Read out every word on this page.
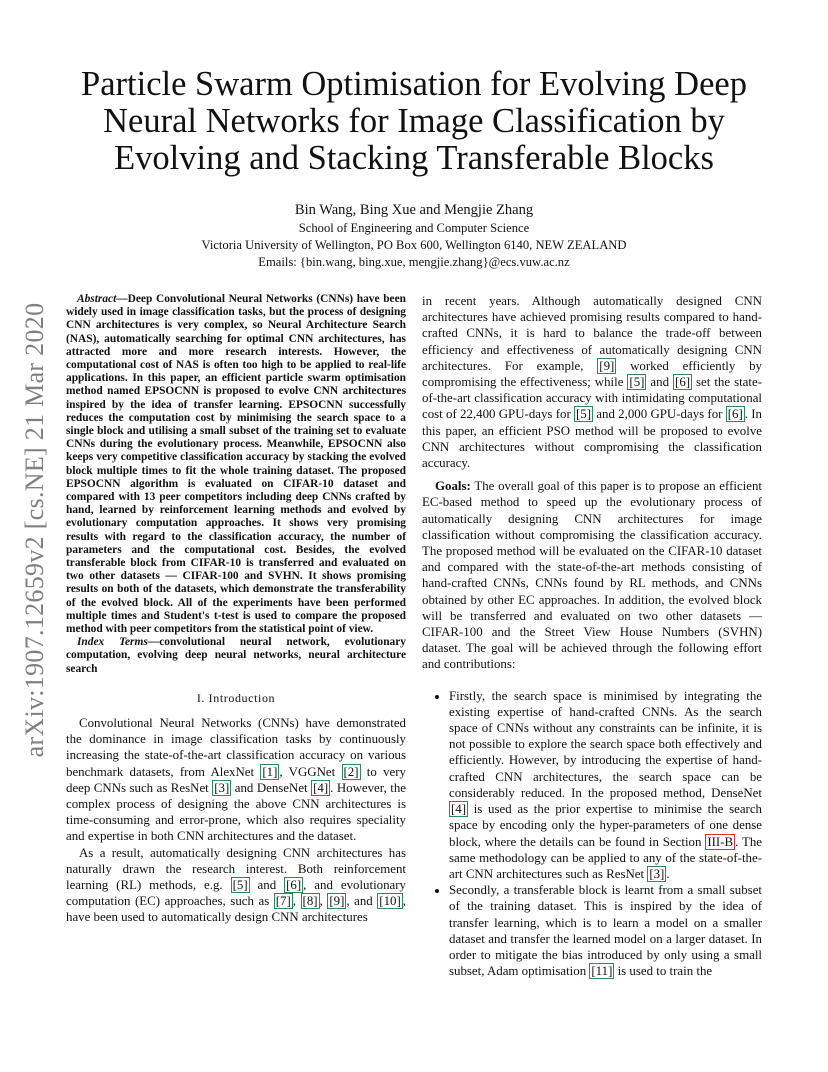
Particle Swarm Optimisation for Evolving Deep
Neural Networks for Image Classification by
Evolving and Stacking Transferable Blocks
Bin Wang, Bing Xue and Mengjie Zhang
School of Engineering and Computer Science
Victoria University of Wellington, PO Box 600, Wellington 6140, NEW ZEALAND
Emails: {bin.wang, bing.xue, mengjie.zhang}@ecs.vuw.ac.nz
arXiv:1907.12659v2 [cs.NE] 21 Mar 2020

Abstract—Deep Convolutional Neural Networks (CNNs) have been widely used in image classification tasks, but the process of designing CNN architectures is very complex, so Neural Architecture Search (NAS), automatically searching for optimal CNN architectures, has attracted more and more research interests. However, the computational cost of NAS is often too high to be applied to real-life applications. In this paper, an efficient particle swarm optimisation method named EPSOCNN is proposed to evolve CNN architectures inspired by the idea of transfer learning. EPSOCNN successfully reduces the computation cost by minimising the search space to a single block and utilising a small subset of the training set to evaluate CNNs during the evolutionary process. Meanwhile, EPSOCNN also keeps very competitive classification accuracy by stacking the evolved block multiple times to fit the whole training dataset. The proposed EPSOCNN algorithm is evaluated on CIFAR-10 dataset and compared with 13 peer competitors including deep CNNs crafted by hand, learned by reinforcement learning methods and evolved by evolutionary computation approaches. It shows very promising results with regard to the classification accuracy, the number of parameters and the computational cost. Besides, the evolved transferable block from CIFAR-10 is transferred and evaluated on two other datasets — CIFAR-100 and SVHN. It shows promising results on both of the datasets, which demonstrate the transferability of the evolved block. All of the experiments have been performed multiple times and Student's t-test is used to compare the proposed method with peer competitors from the statistical point of view.

Index Terms—convolutional neural network, evolutionary computation, evolving deep neural networks, neural architecture search

I. Introduction

Convolutional Neural Networks (CNNs) have demonstrated the dominance in image classification tasks by continuously increasing the state-of-the-art classification accuracy on various benchmark datasets, from AlexNet [1] , VGGNet [2] to very deep CNNs such as ResNet [3] and DenseNet [4] . However, the complex process of designing the above CNN architectures is time-consuming and error-prone, which also requires speciality and expertise in both CNN architectures and the dataset.

As a result, automatically designing CNN architectures has naturally drawn the research interest. Both reinforcement learning (RL) methods, e.g. [5] and [6] , and evolutionary computation (EC) approaches, such as [7] , [8] , [9] , and [10] , have been used to automatically design CNN architectures

in recent years. Although automatically designed CNN architectures have achieved promising results compared to hand-crafted CNNs, it is hard to balance the trade-off between efficiency and effectiveness of automatically designing CNN architectures. For example, [9] worked efficiently by compromising the effectiveness; while [5] and [6] set the state-of-the-art classification accuracy with intimidating computational cost of 22,400 GPU-days for [5] and 2,000 GPU-days for [6] . In this paper, an efficient PSO method will be proposed to evolve CNN architectures without compromising the classification accuracy.

Goals: The overall goal of this paper is to propose an efficient EC-based method to speed up the evolutionary process of automatically designing CNN architectures for image classification without compromising the classification accuracy. The proposed method will be evaluated on the CIFAR-10 dataset and compared with the state-of-the-art methods consisting of hand-crafted CNNs, CNNs found by RL methods, and CNNs obtained by other EC approaches. In addition, the evolved block will be transferred and evaluated on two other datasets — CIFAR-100 and the Street View House Numbers (SVHN) dataset. The goal will be achieved through the following effort and contributions:

• Firstly, the search space is minimised by integrating the existing expertise of hand-crafted CNNs. As the search space of CNNs without any constraints can be infinite, it is not possible to explore the search space both effectively and efficiently. However, by introducing the expertise of hand-crafted CNN architectures, the search space can be considerably reduced. In the proposed method, DenseNet [4] is used as the prior expertise to minimise the search space by encoding only the hyper-parameters of one dense block, where the details can be found in Section III-B . The same methodology can be applied to any of the state-of-the-art CNN architectures such as ResNet [3] .
• Secondly, a transferable block is learnt from a small subset of the training dataset. This is inspired by the idea of transfer learning, which is to learn a model on a smaller dataset and transfer the learned model on a larger dataset. In order to mitigate the bias introduced by only using a small subset, Adam optimisation [11] is used to train the
